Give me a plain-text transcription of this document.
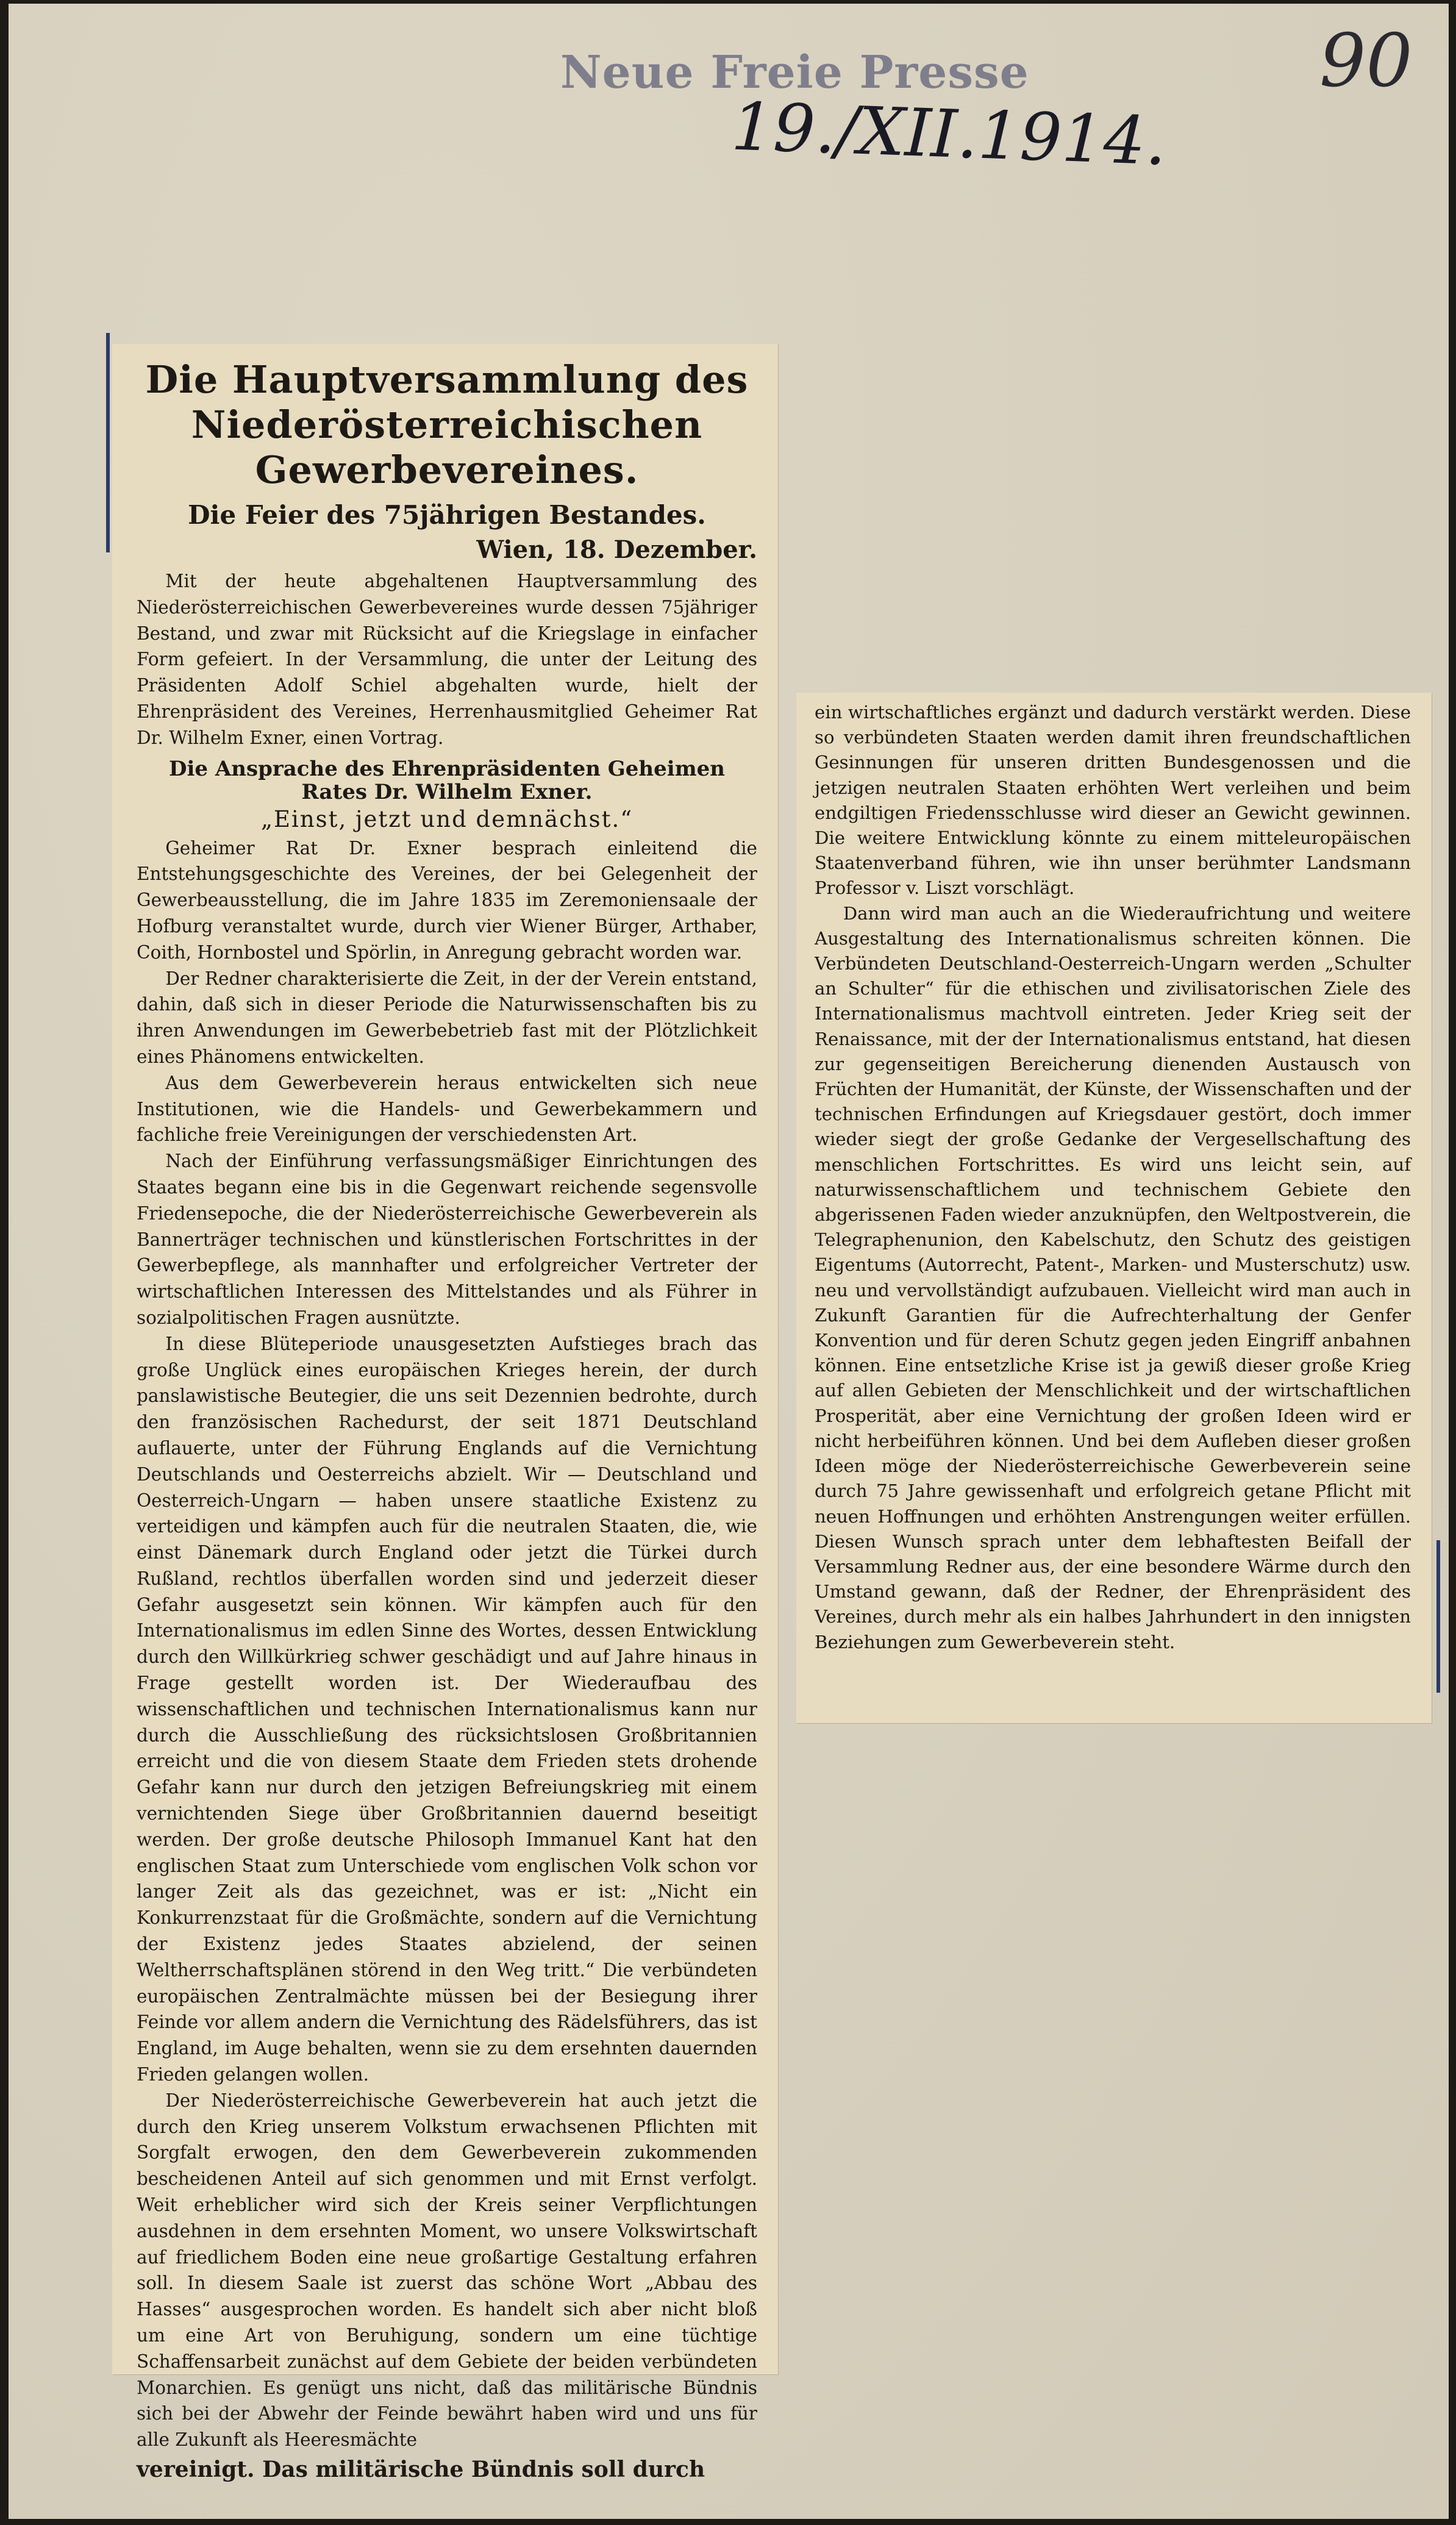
Neue Freie Presse
19./XII.1914.
90
Die Hauptversammlung des Niederösterreichischen Gewerbevereines.
Die Feier des 75jährigen Bestandes.
Wien, 18. Dezember.

Mit der heute abgehaltenen Hauptversammlung des Niederösterreichischen Gewerbevereines wurde dessen 75jähriger Bestand, und zwar mit Rücksicht auf die Kriegslage in einfacher Form gefeiert. In der Versammlung, die unter der Leitung des Präsidenten Adolf Schiel abgehalten wurde, hielt der Ehrenpräsident des Vereines, Herrenhausmitglied Geheimer Rat Dr. Wilhelm Exner, einen Vortrag.

Die Ansprache des Ehrenpräsidenten Geheimen Rates Dr. Wilhelm Exner.
„Einst, jetzt und demnächst.“

Geheimer Rat Dr. Exner besprach einleitend die Entstehungsgeschichte des Vereines, der bei Gelegenheit der Gewerbeausstellung, die im Jahre 1835 im Zeremoniensaale der Hofburg veranstaltet wurde, durch vier Wiener Bürger, Arthaber, Coith, Hornbostel und Spörlin, in Anregung gebracht worden war.

Der Redner charakterisierte die Zeit, in der der Verein entstand, dahin, daß sich in dieser Periode die Naturwissenschaften bis zu ihren Anwendungen im Gewerbebetrieb fast mit der Plötzlichkeit eines Phänomens entwickelten.

Aus dem Gewerbeverein heraus entwickelten sich neue Institutionen, wie die Handels- und Gewerbekammern und fachliche freie Vereinigungen der verschiedensten Art.

Nach der Einführung verfassungsmäßiger Einrichtungen des Staates begann eine bis in die Gegenwart reichende segensvolle Friedensepoche, die der Niederösterreichische Gewerbeverein als Bannerträger technischen und künstlerischen Fortschrittes in der Gewerbepflege, als mannhafter und erfolgreicher Vertreter der wirtschaftlichen Interessen des Mittelstandes und als Führer in sozialpolitischen Fragen ausnützte.

In diese Blüteperiode unausgesetzten Aufstieges brach das große Unglück eines europäischen Krieges herein, der durch panslawistische Beutegier, die uns seit Dezennien bedrohte, durch den französischen Rachedurst, der seit 1871 Deutschland auflauerte, unter der Führung Englands auf die Vernichtung Deutschlands und Oesterreichs abzielt. Wir — Deutschland und Oesterreich-Ungarn — haben unsere staatliche Existenz zu verteidigen und kämpfen auch für die neutralen Staaten, die, wie einst Dänemark durch England oder jetzt die Türkei durch Rußland, rechtlos überfallen worden sind und jederzeit dieser Gefahr ausgesetzt sein können. Wir kämpfen auch für den Internationalismus im edlen Sinne des Wortes, dessen Entwicklung durch den Willkürkrieg schwer geschädigt und auf Jahre hinaus in Frage gestellt worden ist. Der Wiederaufbau des wissenschaftlichen und technischen Internationalismus kann nur durch die Ausschließung des rücksichtslosen Großbritannien erreicht und die von diesem Staate dem Frieden stets drohende Gefahr kann nur durch den jetzigen Befreiungskrieg mit einem vernichtenden Siege über Großbritannien dauernd beseitigt werden. Der große deutsche Philosoph Immanuel Kant hat den englischen Staat zum Unterschiede vom englischen Volk schon vor langer Zeit als das gezeichnet, was er ist: „Nicht ein Konkurrenzstaat für die Großmächte, sondern auf die Vernichtung der Existenz jedes Staates abzielend, der seinen Weltherrschaftsplänen störend in den Weg tritt.“ Die verbündeten europäischen Zentralmächte müssen bei der Besiegung ihrer Feinde vor allem andern die Vernichtung des Rädelsführers, das ist England, im Auge behalten, wenn sie zu dem ersehnten dauernden Frieden gelangen wollen.

Der Niederösterreichische Gewerbeverein hat auch jetzt die durch den Krieg unserem Volkstum erwachsenen Pflichten mit Sorgfalt erwogen, den dem Gewerbeverein zukommenden bescheidenen Anteil auf sich genommen und mit Ernst verfolgt. Weit erheblicher wird sich der Kreis seiner Verpflichtungen ausdehnen in dem ersehnten Moment, wo unsere Volkswirtschaft auf friedlichem Boden eine neue großartige Gestaltung erfahren soll. In diesem Saale ist zuerst das schöne Wort „Abbau des Hasses“ ausgesprochen worden. Es handelt sich aber nicht bloß um eine Art von Beruhigung, sondern um eine tüchtige Schaffensarbeit zunächst auf dem Gebiete der beiden verbündeten Monarchien. Es genügt uns nicht, daß das militärische Bündnis sich bei der Abwehr der Feinde bewährt haben wird und uns für alle Zukunft als Heeresmächte

vereinigt. Das militärische Bündnis soll durch

ein wirtschaftliches ergänzt und dadurch verstärkt werden. Diese so verbündeten Staaten werden damit ihren freundschaftlichen Gesinnungen für unseren dritten Bundesgenossen und die jetzigen neutralen Staaten erhöhten Wert verleihen und beim endgiltigen Friedensschlusse wird dieser an Gewicht gewinnen. Die weitere Entwicklung könnte zu einem mitteleuropäischen Staatenverband führen, wie ihn unser berühmter Landsmann Professor v. Liszt vorschlägt.

Dann wird man auch an die Wiederaufrichtung und weitere Ausgestaltung des Internationalismus schreiten können. Die Verbündeten Deutschland-Oesterreich-Ungarn werden „Schulter an Schulter“ für die ethischen und zivilisatorischen Ziele des Internationalismus machtvoll eintreten. Jeder Krieg seit der Renaissance, mit der der Internationalismus entstand, hat diesen zur gegenseitigen Bereicherung dienenden Austausch von Früchten der Humanität, der Künste, der Wissenschaften und der technischen Erfindungen auf Kriegsdauer gestört, doch immer wieder siegt der große Gedanke der Vergesellschaftung des menschlichen Fortschrittes. Es wird uns leicht sein, auf naturwissenschaftlichem und technischem Gebiete den abgerissenen Faden wieder anzuknüpfen, den Weltpostverein, die Telegraphenunion, den Kabelschutz, den Schutz des geistigen Eigentums (Autorrecht, Patent-, Marken- und Musterschutz) usw. neu und vervollständigt aufzubauen. Vielleicht wird man auch in Zukunft Garantien für die Aufrechterhaltung der Genfer Konvention und für deren Schutz gegen jeden Eingriff anbahnen können. Eine entsetzliche Krise ist ja gewiß dieser große Krieg auf allen Gebieten der Menschlichkeit und der wirtschaftlichen Prosperität, aber eine Vernichtung der großen Ideen wird er nicht herbeiführen können. Und bei dem Aufleben dieser großen Ideen möge der Niederösterreichische Gewerbeverein seine durch 75 Jahre gewissenhaft und erfolgreich getane Pflicht mit neuen Hoffnungen und erhöhten Anstrengungen weiter erfüllen. Diesen Wunsch sprach unter dem lebhaftesten Beifall der Versammlung Redner aus, der eine besondere Wärme durch den Umstand gewann, daß der Redner, der Ehrenpräsident des Vereines, durch mehr als ein halbes Jahrhundert in den innigsten Beziehungen zum Gewerbeverein steht.
